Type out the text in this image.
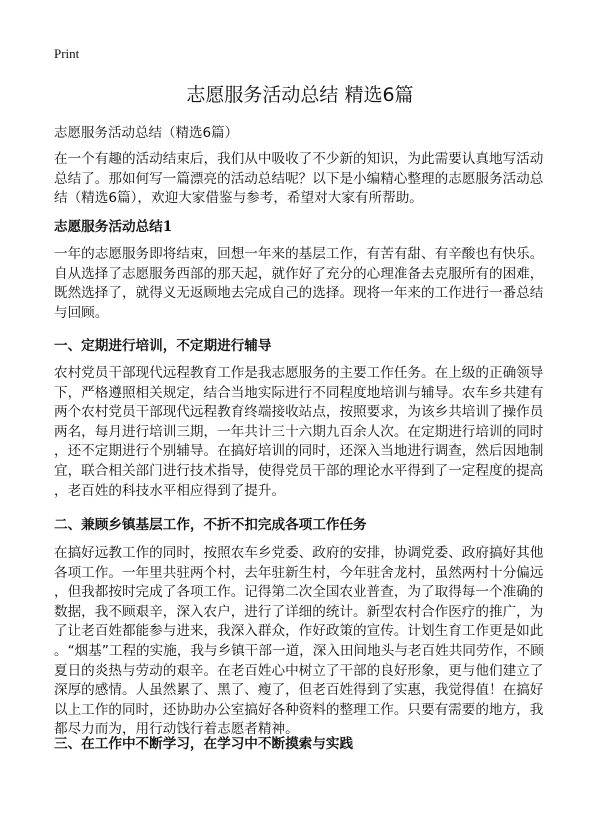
Print
志愿服务活动总结 精选6篇
志愿服务活动总结（精选6篇）
在一个有趣的活动结束后，我们从中吸收了不少新的知识，为此需要认真地写活动
总结了。那如何写一篇漂亮的活动总结呢？以下是小编精心整理的志愿服务活动总
结（精选6篇），欢迎大家借鉴与参考，希望对大家有所帮助。
志愿服务活动总结1
一年的志愿服务即将结束，回想一年来的基层工作，有苦有甜、有辛酸也有快乐。
自从选择了志愿服务西部的那天起，就作好了充分的心理准备去克服所有的困难，
既然选择了，就得义无返顾地去完成自己的选择。现将一年来的工作进行一番总结
与回顾。
一、定期进行培训，不定期进行辅导
农村党员干部现代远程教育工作是我志愿服务的主要工作任务。在上级的正确领导
下，严格遵照相关规定，结合当地实际进行不同程度地培训与辅导。农车乡共建有
两个农村党员干部现代远程教育终端接收站点，按照要求，为该乡共培训了操作员
两名，每月进行培训三期，一年共计三十六期九百余人次。在定期进行培训的同时
，还不定期进行个别辅导。在搞好培训的同时，还深入当地进行调查，然后因地制
宜，联合相关部门进行技术指导，使得党员干部的理论水平得到了一定程度的提高
，老百姓的科技水平相应得到了提升。
二、兼顾乡镇基层工作，不折不扣完成各项工作任务
在搞好远教工作的同时，按照农车乡党委、政府的安排，协调党委、政府搞好其他
各项工作。一年里共驻两个村，去年驻新生村，今年驻舍龙村，虽然两村十分偏远
，但我都按时完成了各项工作。记得第二次全国农业普查，为了取得每一个准确的
数据，我不顾艰辛，深入农户，进行了详细的统计。新型农村合作医疗的推广，为
了让老百姓都能参与进来，我深入群众，作好政策的宣传。计划生育工作更是如此
。“烟基”工程的实施，我与乡镇干部一道，深入田间地头与老百姓共同劳作，不顾
夏日的炎热与劳动的艰辛。在老百姓心中树立了干部的良好形象，更与他们建立了
深厚的感情。人虽然累了、黑了、瘦了，但老百姓得到了实惠，我觉得值！在搞好
以上工作的同时，还协助办公室搞好各种资料的整理工作。只要有需要的地方，我
都尽力而为，用行动饯行着志愿者精神。
三、在工作中不断学习，在学习中不断摸索与实践
